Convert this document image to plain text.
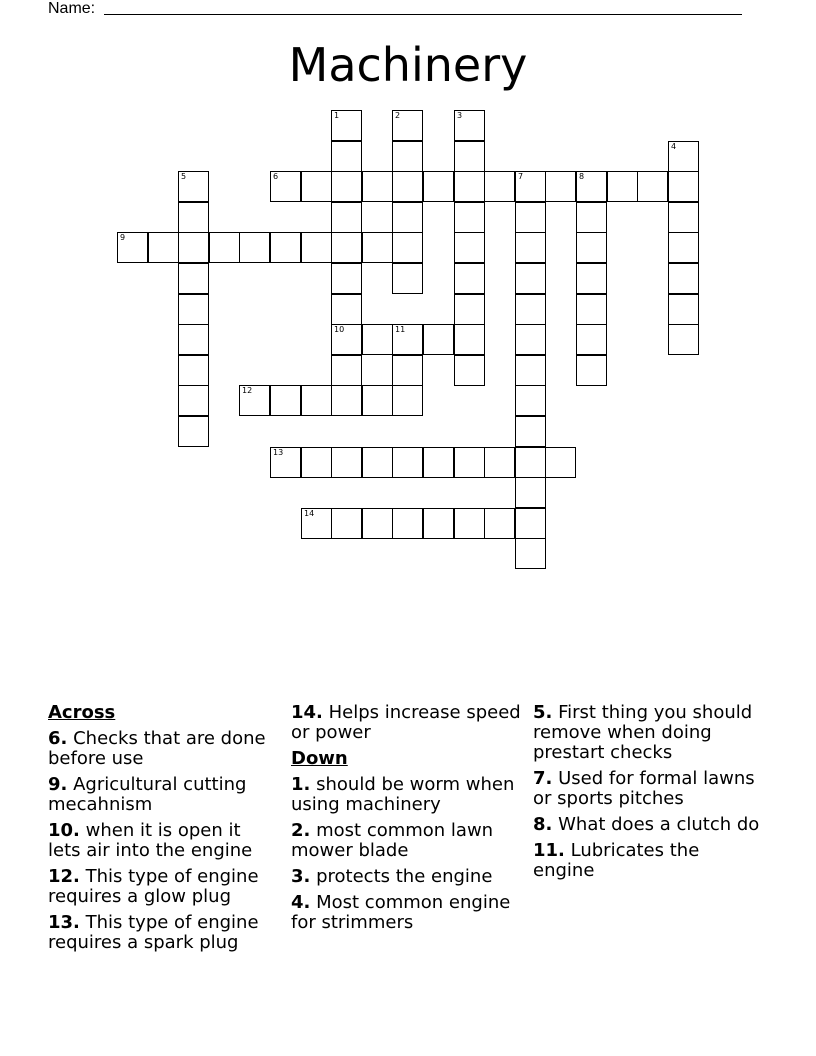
Name:
Machinery
1
10
2	3
4
5	6	7	8
9
11
12
13
14
Across
6. Checks that are done before use
9. Agricultural cutting mecahnism
10. when it is open it lets air into the engine
12. This type of engine requires a glow plug
13. This type of engine requires a spark plug
14. Helps increase speed or power
Down
1. should be worm when using machinery
2. most common lawn mower blade
3. protects the engine
4. Most common engine for strimmers
5. First thing you should remove when doing prestart checks
7. Used for formal lawns or sports pitches
8. What does a clutch do
11. Lubricates the engine
